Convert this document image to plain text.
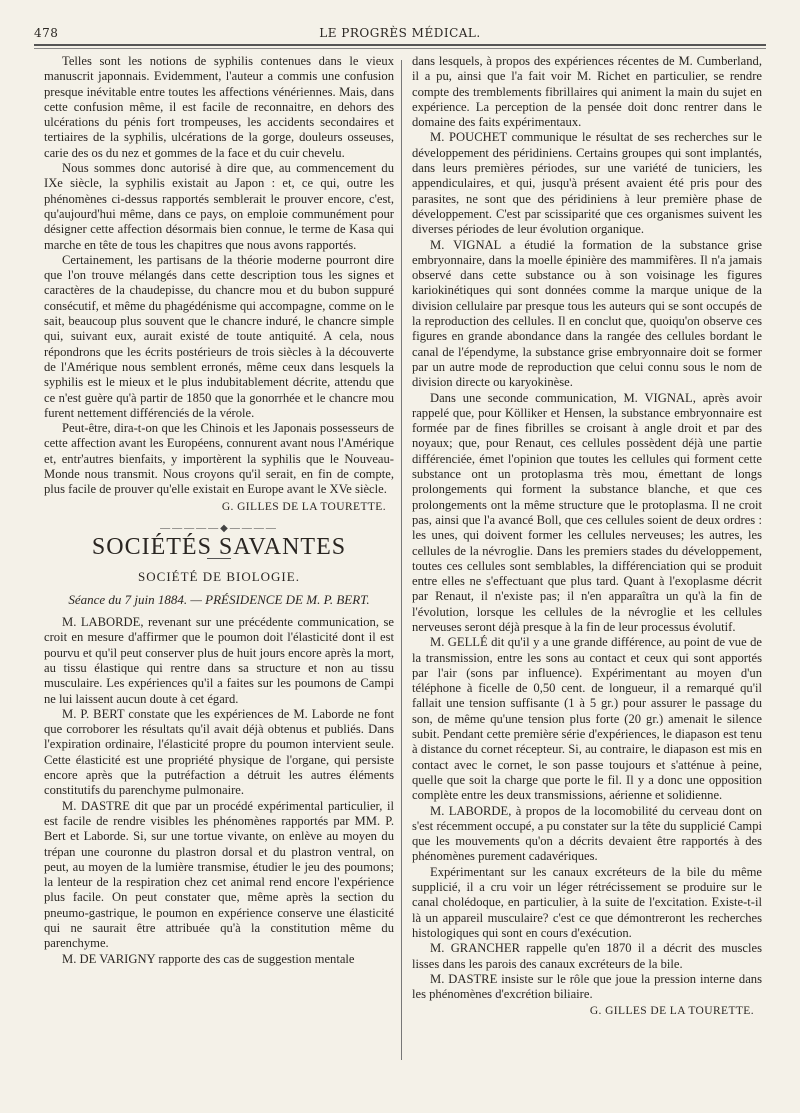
478	LE PROGRÈS MÉDICAL.

Telles sont les notions de syphilis contenues dans le vieux manuscrit japonnais. Evidemment, l'auteur a commis une confusion presque inévitable entre toutes les affections vénériennes. Mais, dans cette confusion même, il est facile de reconnaitre, en dehors des ulcérations du pénis fort trompeuses, les accidents secondaires et tertiaires de la syphilis, ulcérations de la gorge, douleurs osseuses, carie des os du nez et gommes de la face et du cuir chevelu.

Nous sommes donc autorisé à dire que, au commencement du IXe siècle, la syphilis existait au Japon : et, ce qui, outre les phénomènes ci-dessus rapportés semblerait le prouver encore, c'est, qu'aujourd'hui même, dans ce pays, on emploie communément pour désigner cette affection désormais bien connue, le terme de Kasa qui marche en tête de tous les chapitres que nous avons rapportés.

Certainement, les partisans de la théorie moderne pourront dire que l'on trouve mélangés dans cette description tous les signes et caractères de la chaudepisse, du chancre mou et du bubon suppuré consécutif, et même du phagédénisme qui accompagne, comme on le sait, beaucoup plus souvent que le chancre induré, le chancre simple qui, suivant eux, aurait existé de toute antiquité. A cela, nous répondrons que les écrits postérieurs de trois siècles à la découverte de l'Amérique nous semblent erronés, même ceux dans lesquels la syphilis est le mieux et le plus indubitablement décrite, attendu que ce n'est guère qu'à partir de 1850 que la gonorrhée et le chancre mou furent nettement différenciés de la vérole.

Peut-être, dira-t-on que les Chinois et les Japonais possesseurs de cette affection avant les Européens, connurent avant nous l'Amérique et, entr'autres bienfaits, y importèrent la syphilis que le Nouveau-Monde nous transmit. Nous croyons qu'il serait, en fin de compte, plus facile de prouver qu'elle existait en Europe avant le XVe siècle.

G. GILLES DE LA TOURETTE.

—————◆————
SOCIÉTÉS SAVANTES
SOCIÉTÉ DE BIOLOGIE.

Séance du 7 juin 1884. — PRÉSIDENCE DE M. P. BERT.

M. LABORDE, revenant sur une précédente communication, se croit en mesure d'affirmer que le poumon doit l'élasticité dont il est pourvu et qu'il peut conserver plus de huit jours encore après la mort, au tissu élastique qui rentre dans sa structure et non au tissu musculaire. Les expériences qu'il a faites sur les poumons de Campi ne lui laissent aucun doute à cet égard.

M. P. BERT constate que les expériences de M. Laborde ne font que corroborer les résultats qu'il avait déjà obtenus et publiés. Dans l'expiration ordinaire, l'élasticité propre du poumon intervient seule. Cette élasticité est une propriété physique de l'organe, qui persiste encore après que la putréfaction a détruit les autres éléments constitutifs du parenchyme pulmonaire.

M. DASTRE dit que par un procédé expérimental particulier, il est facile de rendre visibles les phénomènes rapportés par MM. P. Bert et Laborde. Si, sur une tortue vivante, on enlève au moyen du trépan une couronne du plastron dorsal et du plastron ventral, on peut, au moyen de la lumière transmise, étudier le jeu des poumons; la lenteur de la respiration chez cet animal rend encore l'expérience plus facile. On peut constater que, même après la section du pneumo-gastrique, le poumon en expérience conserve une élasticité qui ne saurait être attribuée qu'à la constitution même du parenchyme.

M. DE VARIGNY rapporte des cas de suggestion mentale

dans lesquels, à propos des expériences récentes de M. Cumberland, il a pu, ainsi que l'a fait voir M. Richet en particulier, se rendre compte des tremblements fibrillaires qui animent la main du sujet en expérience. La perception de la pensée doit donc rentrer dans le domaine des faits expérimentaux.

M. POUCHET communique le résultat de ses recherches sur le développement des péridiniens. Certains groupes qui sont implantés, dans leurs premières périodes, sur une variété de tuniciers, les appendiculaires, et qui, jusqu'à présent avaient été pris pour des parasites, ne sont que des péridiniens à leur première phase de développement. C'est par scissiparité que ces organismes suivent les diverses périodes de leur évolution organique.

M. VIGNAL a étudié la formation de la substance grise embryonnaire, dans la moelle épinière des mammifères. Il n'a jamais observé dans cette substance ou à son voisinage les figures kariokinétiques qui sont données comme la marque unique de la division cellulaire par presque tous les auteurs qui se sont occupés de la reproduction des cellules. Il en conclut que, quoiqu'on observe ces figures en grande abondance dans la rangée des cellules bordant le canal de l'épendyme, la substance grise embryonnaire doit se former par un autre mode de reproduction que celui connu sous le nom de division directe ou karyokinèse.

Dans une seconde communication, M. VIGNAL, après avoir rappelé que, pour Kölliker et Hensen, la substance embryonnaire est formée par de fines fibrilles se croisant à angle droit et par des noyaux; que, pour Renaut, ces cellules possèdent déjà une partie différenciée, émet l'opinion que toutes les cellules qui forment cette substance ont un protoplasma très mou, émettant de longs prolongements qui forment la substance blanche, et que ces prolongements ont la même structure que le protoplasma. Il ne croit pas, ainsi que l'a avancé Boll, que ces cellules soient de deux ordres : les unes, qui doivent former les cellules nerveuses; les autres, les cellules de la névroglie. Dans les premiers stades du développement, toutes ces cellules sont semblables, la différenciation qui se produit entre elles ne s'effectuant que plus tard. Quant à l'exoplasme décrit par Renaut, il n'existe pas; il n'en apparaîtra un qu'à la fin de l'évolution, lorsque les cellules de la névroglie et les cellules nerveuses seront déjà presque à la fin de leur processus évolutif.

M. GELLÉ dit qu'il y a une grande différence, au point de vue de la transmission, entre les sons au contact et ceux qui sont apportés par l'air (sons par influence). Expérimentant au moyen d'un téléphone à ficelle de 0,50 cent. de longueur, il a remarqué qu'il fallait une tension suffisante (1 à 5 gr.) pour assurer le passage du son, de même qu'une tension plus forte (20 gr.) amenait le silence subit. Pendant cette première série d'expériences, le diapason est tenu à distance du cornet récepteur. Si, au contraire, le diapason est mis en contact avec le cornet, le son passe toujours et s'atténue à peine, quelle que soit la charge que porte le fil. Il y a donc une opposition complète entre les deux transmissions, aérienne et solidienne.

M. LABORDE, à propos de la locomobilité du cerveau dont on s'est récemment occupé, a pu constater sur la tête du supplicié Campi que les mouvements qu'on a décrits devaient être rapportés à des phénomènes purement cadavériques.

Expérimentant sur les canaux excréteurs de la bile du même supplicié, il a cru voir un léger rétrécissement se produire sur le canal cholédoque, en particulier, à la suite de l'excitation. Existe-t-il là un appareil musculaire? c'est ce que démontreront les recherches histologiques qui sont en cours d'exécution.

M. GRANCHER rappelle qu'en 1870 il a décrit des muscles lisses dans les parois des canaux excréteurs de la bile.

M. DASTRE insiste sur le rôle que joue la pression interne dans les phénomènes d'excrétion biliaire.

G. GILLES DE LA TOURETTE.
